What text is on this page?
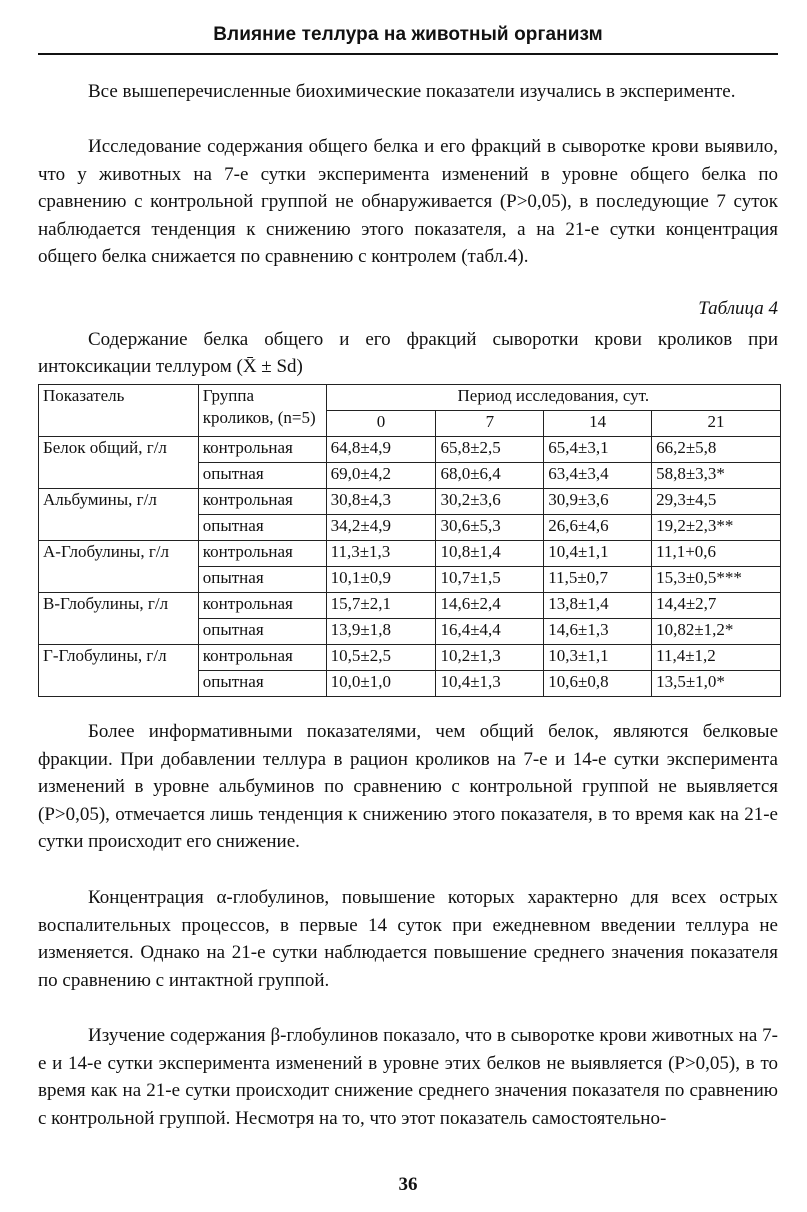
Влияние теллура на животный организм

Все вышеперечисленные биохимические показатели изучались в эксперименте.

Исследование содержания общего белка и его фракций в сыворотке крови выявило, что у животных на 7-е сутки эксперимента изменений в уровне общего белка по сравнению с контрольной группой не обнаруживается (P>0,05), в последующие 7 суток наблюдается тенденция к снижению этого показателя, а на 21-е сутки концентрация общего белка снижается по сравнению с контролем (табл.4).

Таблица 4

Содержание белка общего и его фракций сыворотки крови кроликов при интоксикации теллуром (X̄ ± Sd)

Показатель	Группа кроликов, (n=5)	Период исследования, сут.			
		0	7	14	21
Белок общий, г/л	контрольная	64,8±4,9	65,8±2,5	65,4±3,1	66,2±5,8
	опытная	69,0±4,2	68,0±6,4	63,4±3,4	58,8±3,3*
Альбумины, г/л	контрольная	30,8±4,3	30,2±3,6	30,9±3,6	29,3±4,5
	опытная	34,2±4,9	30,6±5,3	26,6±4,6	19,2±2,3**
А-Глобулины, г/л	контрольная	11,3±1,3	10,8±1,4	10,4±1,1	11,1+0,6
	опытная	10,1±0,9	10,7±1,5	11,5±0,7	15,3±0,5***
В-Глобулины, г/л	контрольная	15,7±2,1	14,6±2,4	13,8±1,4	14,4±2,7
	опытная	13,9±1,8	16,4±4,4	14,6±1,3	10,82±1,2*
Г-Глобулины, г/л	контрольная	10,5±2,5	10,2±1,3	10,3±1,1	11,4±1,2
	опытная	10,0±1,0	10,4±1,3	10,6±0,8	13,5±1,0*

Более информативными показателями, чем общий белок, являются белковые фракции. При добавлении теллура в рацион кроликов на 7-е и 14-е сутки эксперимента изменений в уровне альбуминов по сравнению с контрольной группой не выявляется (P>0,05), отмечается лишь тенденция к снижению этого показателя, в то время как на 21-е сутки происходит его снижение.

Концентрация α-глобулинов, повышение которых характерно для всех острых воспалительных процессов, в первые 14 суток при ежедневном введении теллура не изменяется. Однако на 21-е сутки наблюдается повышение среднего значения показателя по сравнению с интактной группой.

Изучение содержания β-глобулинов показало, что в сыворотке крови животных на 7-е и 14-е сутки эксперимента изменений в уровне этих белков не выявляется (P>0,05), в то время как на 21-е сутки происходит снижение среднего значения показателя по сравнению с контрольной группой. Несмотря на то, что этот показатель самостоятельно-

36
